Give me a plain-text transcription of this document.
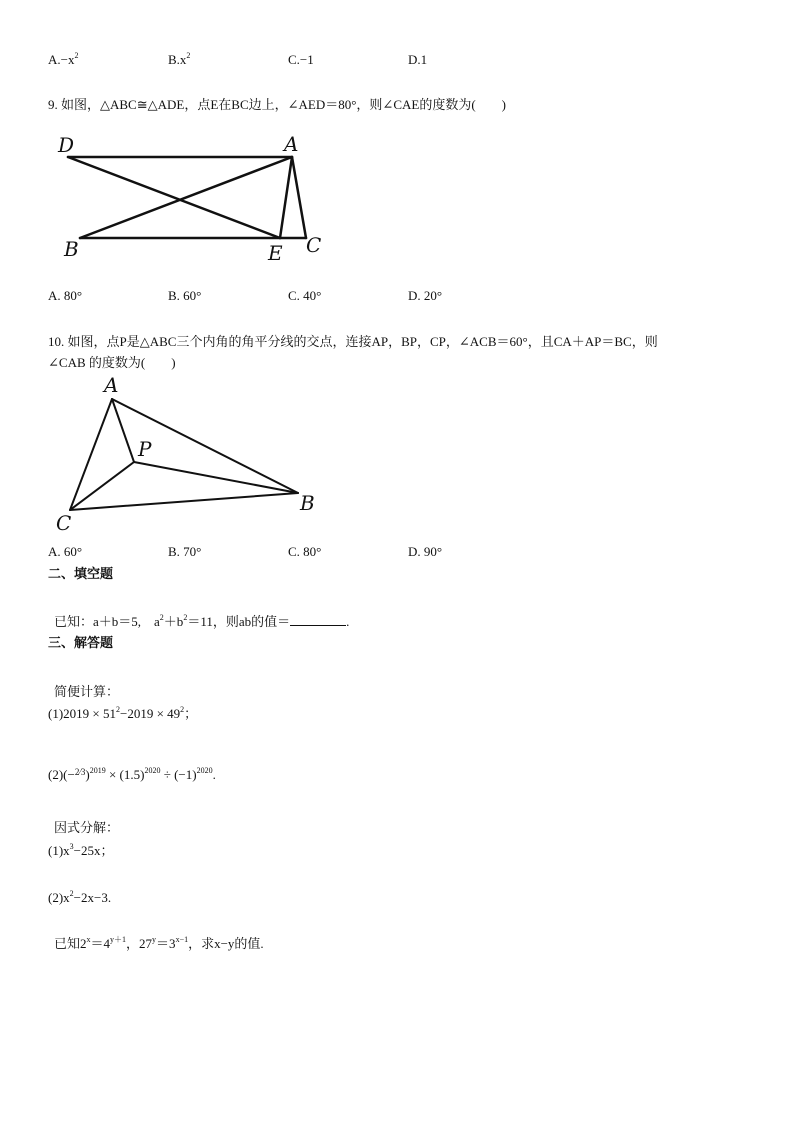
$A.-x^2$	$B.x^2$	C.−1	D.1
9. 如图，△ABC≅△ADE，点E在BC边上，∠AED＝80°，则∠CAE的度数为(　　)
D	A
B	E C
A. 80°	B. 60°	C. 40°	D. 20°
10. 如图，点P是△ABC三个内角的角平分线的交点，连接AP，BP，CP，∠ACB＝60°，且CA＋AP＝BC，则
∠CAB 的度数为(　　)
A
P
B
C
A. 60°	B. 70°	C. 80°	D. 90°
二、填空题
已知：a＋b＝5,　$a^2+b^2=11$，则ab的值＝	.
三、解答题
简便计算：
$(1)2019 \times 51^2-2019 \times 49^2$；
$(2)(-^{2⁄3})^{2019} \times (1.5)^{2020} \div (-1)^{2020}$.
因式分解：
$(1)x^3-25x$；
$(2)x^2-2x-3$.
已知$2^x=4^{y+1}$，$27^y=3^{x-1}$，求x−y的值.
